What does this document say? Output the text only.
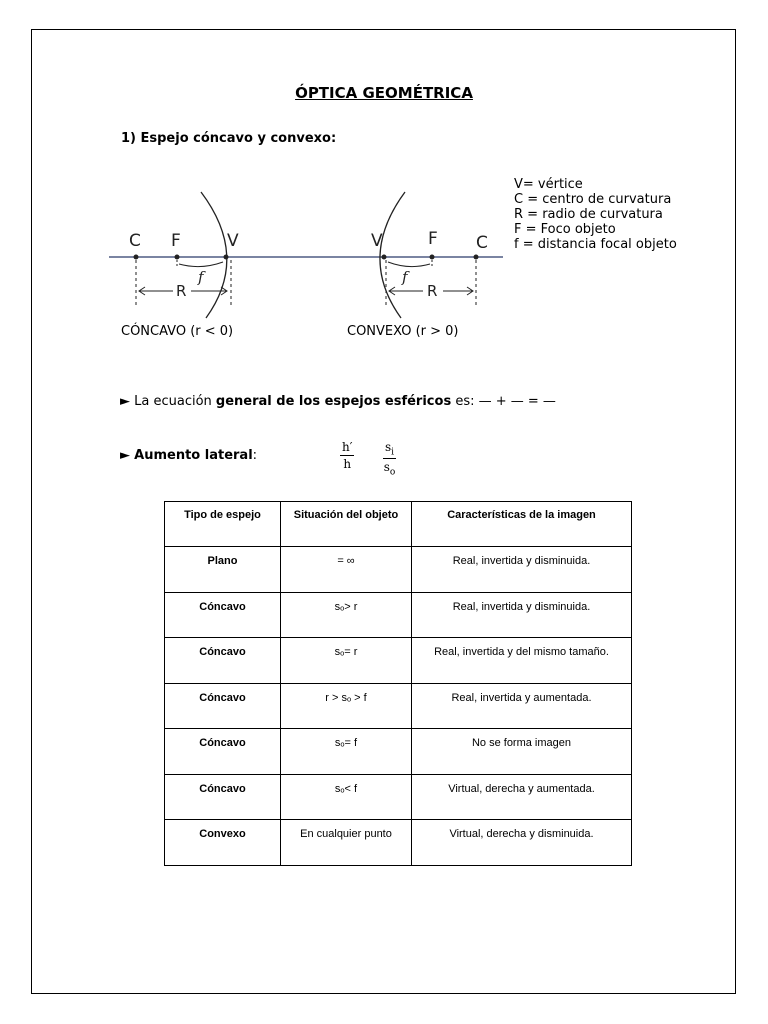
ÓPTICA GEOMÉTRICA
1) Espejo cóncavo y convexo:
V= vértice
C = centro de curvatura
R = radio de curvatura
F = Foco objeto
f = distancia focal objeto
C F	V
f
R
V	F C
f
R
CÓNCAVO (r < 0)	CONVEXO (r > 0)
► La ecuación general de los espejos esféricos es: — + — = —
► Aumento lateral:	$\frac{h'}{h} \frac{s_i}{s_o}$
Tipo de espejo	Situación del objeto	Características de la imagen
Plano	= ∞	Real, invertida y disminuida.
Cóncavo	sₒ> r	Real, invertida y disminuida.
Cóncavo	sₒ= r	Real, invertida y del mismo tamaño.
Cóncavo	r > sₒ > f	Real, invertida y aumentada.
Cóncavo	sₒ= f	No se forma imagen
Cóncavo	sₒ< f	Virtual, derecha y aumentada.
Convexo	En cualquier punto	Virtual, derecha y disminuida.
